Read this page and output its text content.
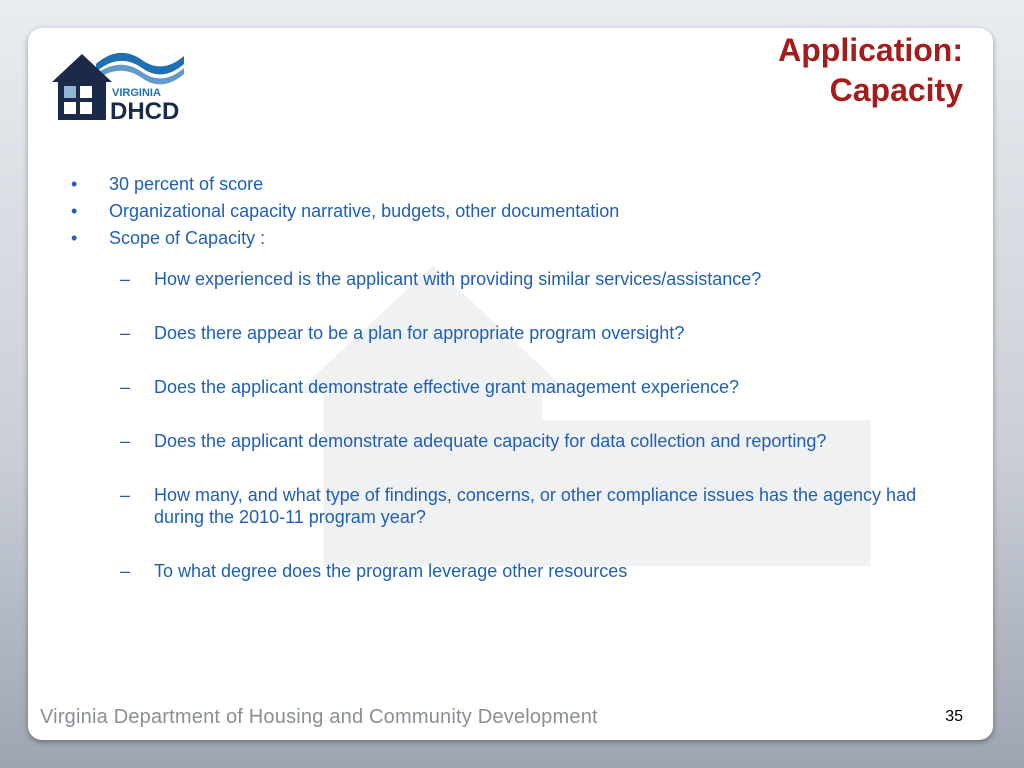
VIRGINIA
DHCD
Application:
Capacity
• 30 percent of score
• Organizational capacity narrative, budgets, other documentation
• Scope of Capacity :
– How experienced is the applicant with providing similar services/assistance?
– Does there appear to be a plan for appropriate program oversight?
– Does the applicant demonstrate effective grant management experience?
– Does the applicant demonstrate adequate capacity for data collection and reporting?
– How many, and what type of findings, concerns, or other compliance issues has the agency had during the 2010-11 program year?
– To what degree does the program leverage other resources
Virginia Department of Housing and Community Development	35
